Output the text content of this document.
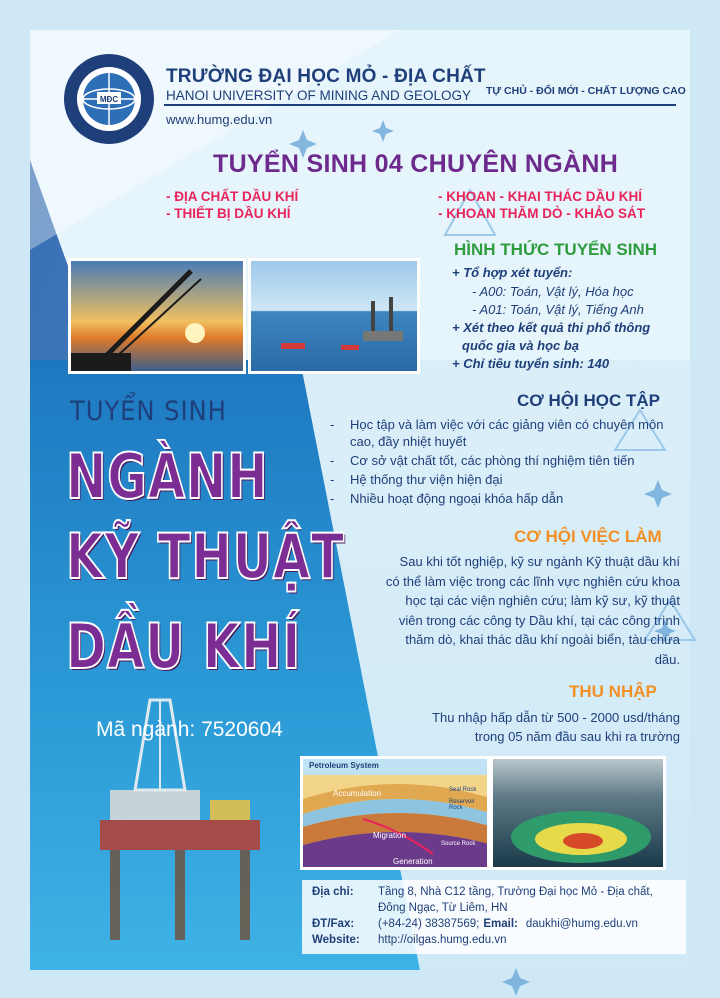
MĐC
TRƯỜNG ĐẠI HỌC MỎ - ĐỊA CHẤT
HANOI UNIVERSITY OF MINING AND GEOLOGY TỰ CHỦ - ĐỔI MỚI - CHẤT LƯỢNG CAO
www.humg.edu.vn
TUYỂN SINH 04 CHUYÊN NGÀNH
- ĐỊA CHẤT DẦU KHÍ
- THIẾT BỊ DẦU KHÍ
- KHOAN - KHAI THÁC DẦU KHÍ
- KHOAN THĂM DÒ - KHẢO SÁT
HÌNH THỨC TUYỂN SINH
+ Tổ hợp xét tuyển:
- A00: Toán, Vật lý, Hóa học
- A01: Toán, Vật lý, Tiếng Anh
+ Xét theo kết quả thi phổ thông
quốc gia và học bạ
+ Chỉ tiêu tuyển sinh: 140
TUYỂN SINH
NGÀNH
KỸ THUẬT
DẦU KHÍ
Mã ngành: 7520604
CƠ HỘI HỌC TẬP
-	Học tập và làm việc với các giảng viên có chuyên môn cao, đầy nhiệt huyết
-	Cơ sở vật chất tốt, các phòng thí nghiệm tiên tiến
-	Hệ thống thư viện hiện đại
-	Nhiều hoạt động ngoại khóa hấp dẫn
CƠ HỘI VIỆC LÀM
Sau khi tốt nghiệp, kỹ sư ngành Kỹ thuật dầu khí có thể làm việc trong các lĩnh vực nghiên cứu khoa học tại các viện nghiên cứu; làm kỹ sư, kỹ thuật viên trong các công ty Dầu khí, tại các công trình thăm dò, khai thác dầu khí ngoài biển, tàu chứa dầu.
THU NHẬP
Thu nhập hấp dẫn từ 500 - 2000 usd/tháng
trong 05 năm đầu sau khi ra trường
Petroleum System
Accumulation
Migration
Generation
Seal Rock
Reservoir Rock
Source Rock
Địa chỉ:	Tầng 8, Nhà C12 tầng, Trường Đại học Mỏ - Địa chất,
Đông Ngạc, Từ Liêm, HN
ĐT/Fax:	(+84-24) 38387569; Email: daukhi@humg.edu.vn
Website:	http://oilgas.humg.edu.vn
